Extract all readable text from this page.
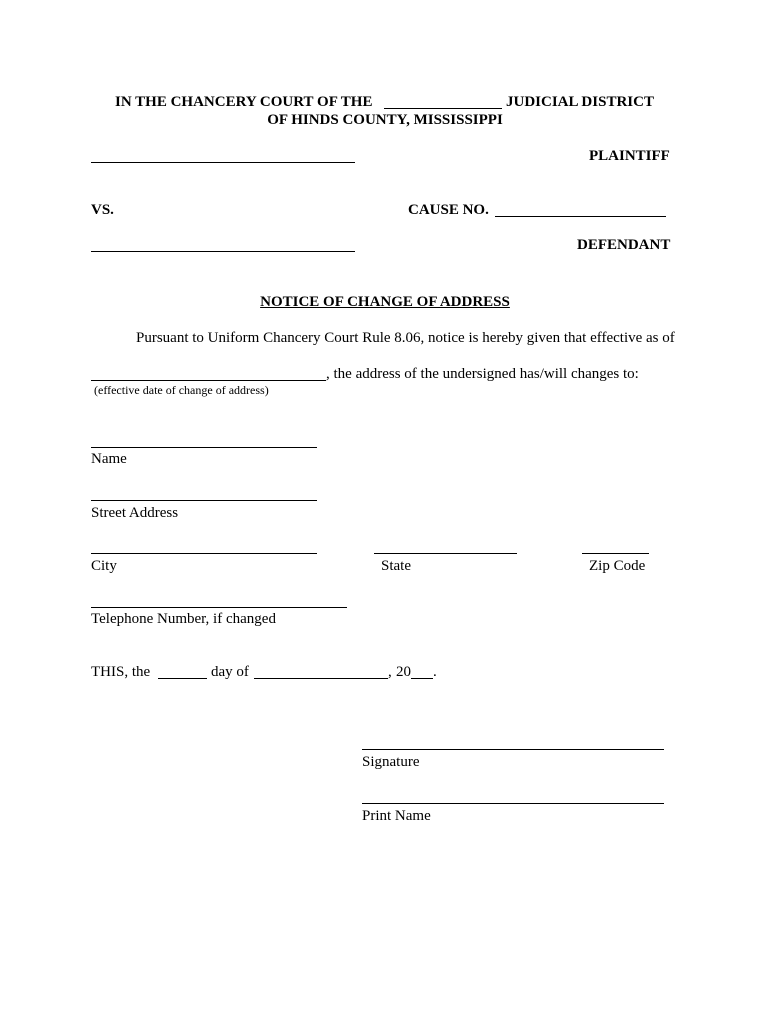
IN THE CHANCERY COURT OF THE	JUDICIAL DISTRICT
OF HINDS COUNTY, MISSISSIPPI
PLAINTIFF
VS.	CAUSE NO.
DEFENDANT
NOTICE OF CHANGE OF ADDRESS
Pursuant to Uniform Chancery Court Rule 8.06, notice is hereby given that effective as of
, the address of the undersigned has/will changes to:
(effective date of change of address)
Name
Street Address
City	State	Zip Code
Telephone Number, if changed
THIS, the	day of	, 20 .
Signature
Print Name
